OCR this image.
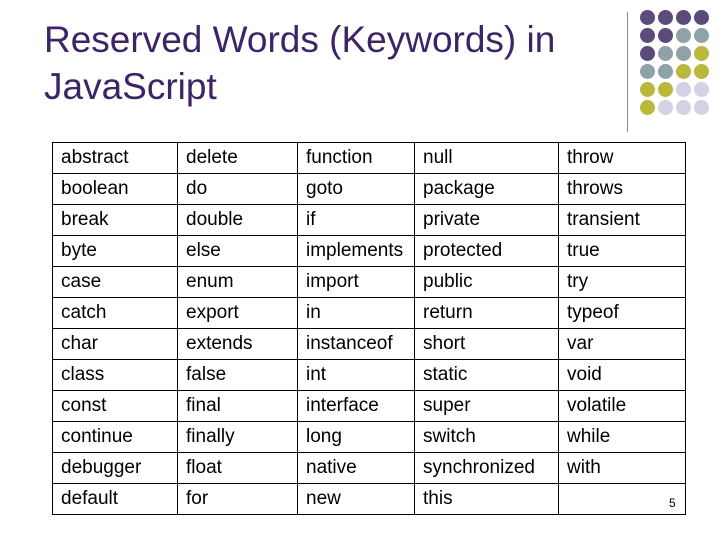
Reserved Words (Keywords) in JavaScript
abstract	delete	function	null	throw
boolean	do	goto	package	throws
break	double	if	private	transient
byte	else	implements	protected	true
case	enum	import	public	try
catch	export	in	return	typeof
char	extends	instanceof	short	var
class	false	int	static	void
const	final	interface	super	volatile
continue	finally	long	switch	while
debugger	float	native	synchronized	with
default	for	new	this		5
